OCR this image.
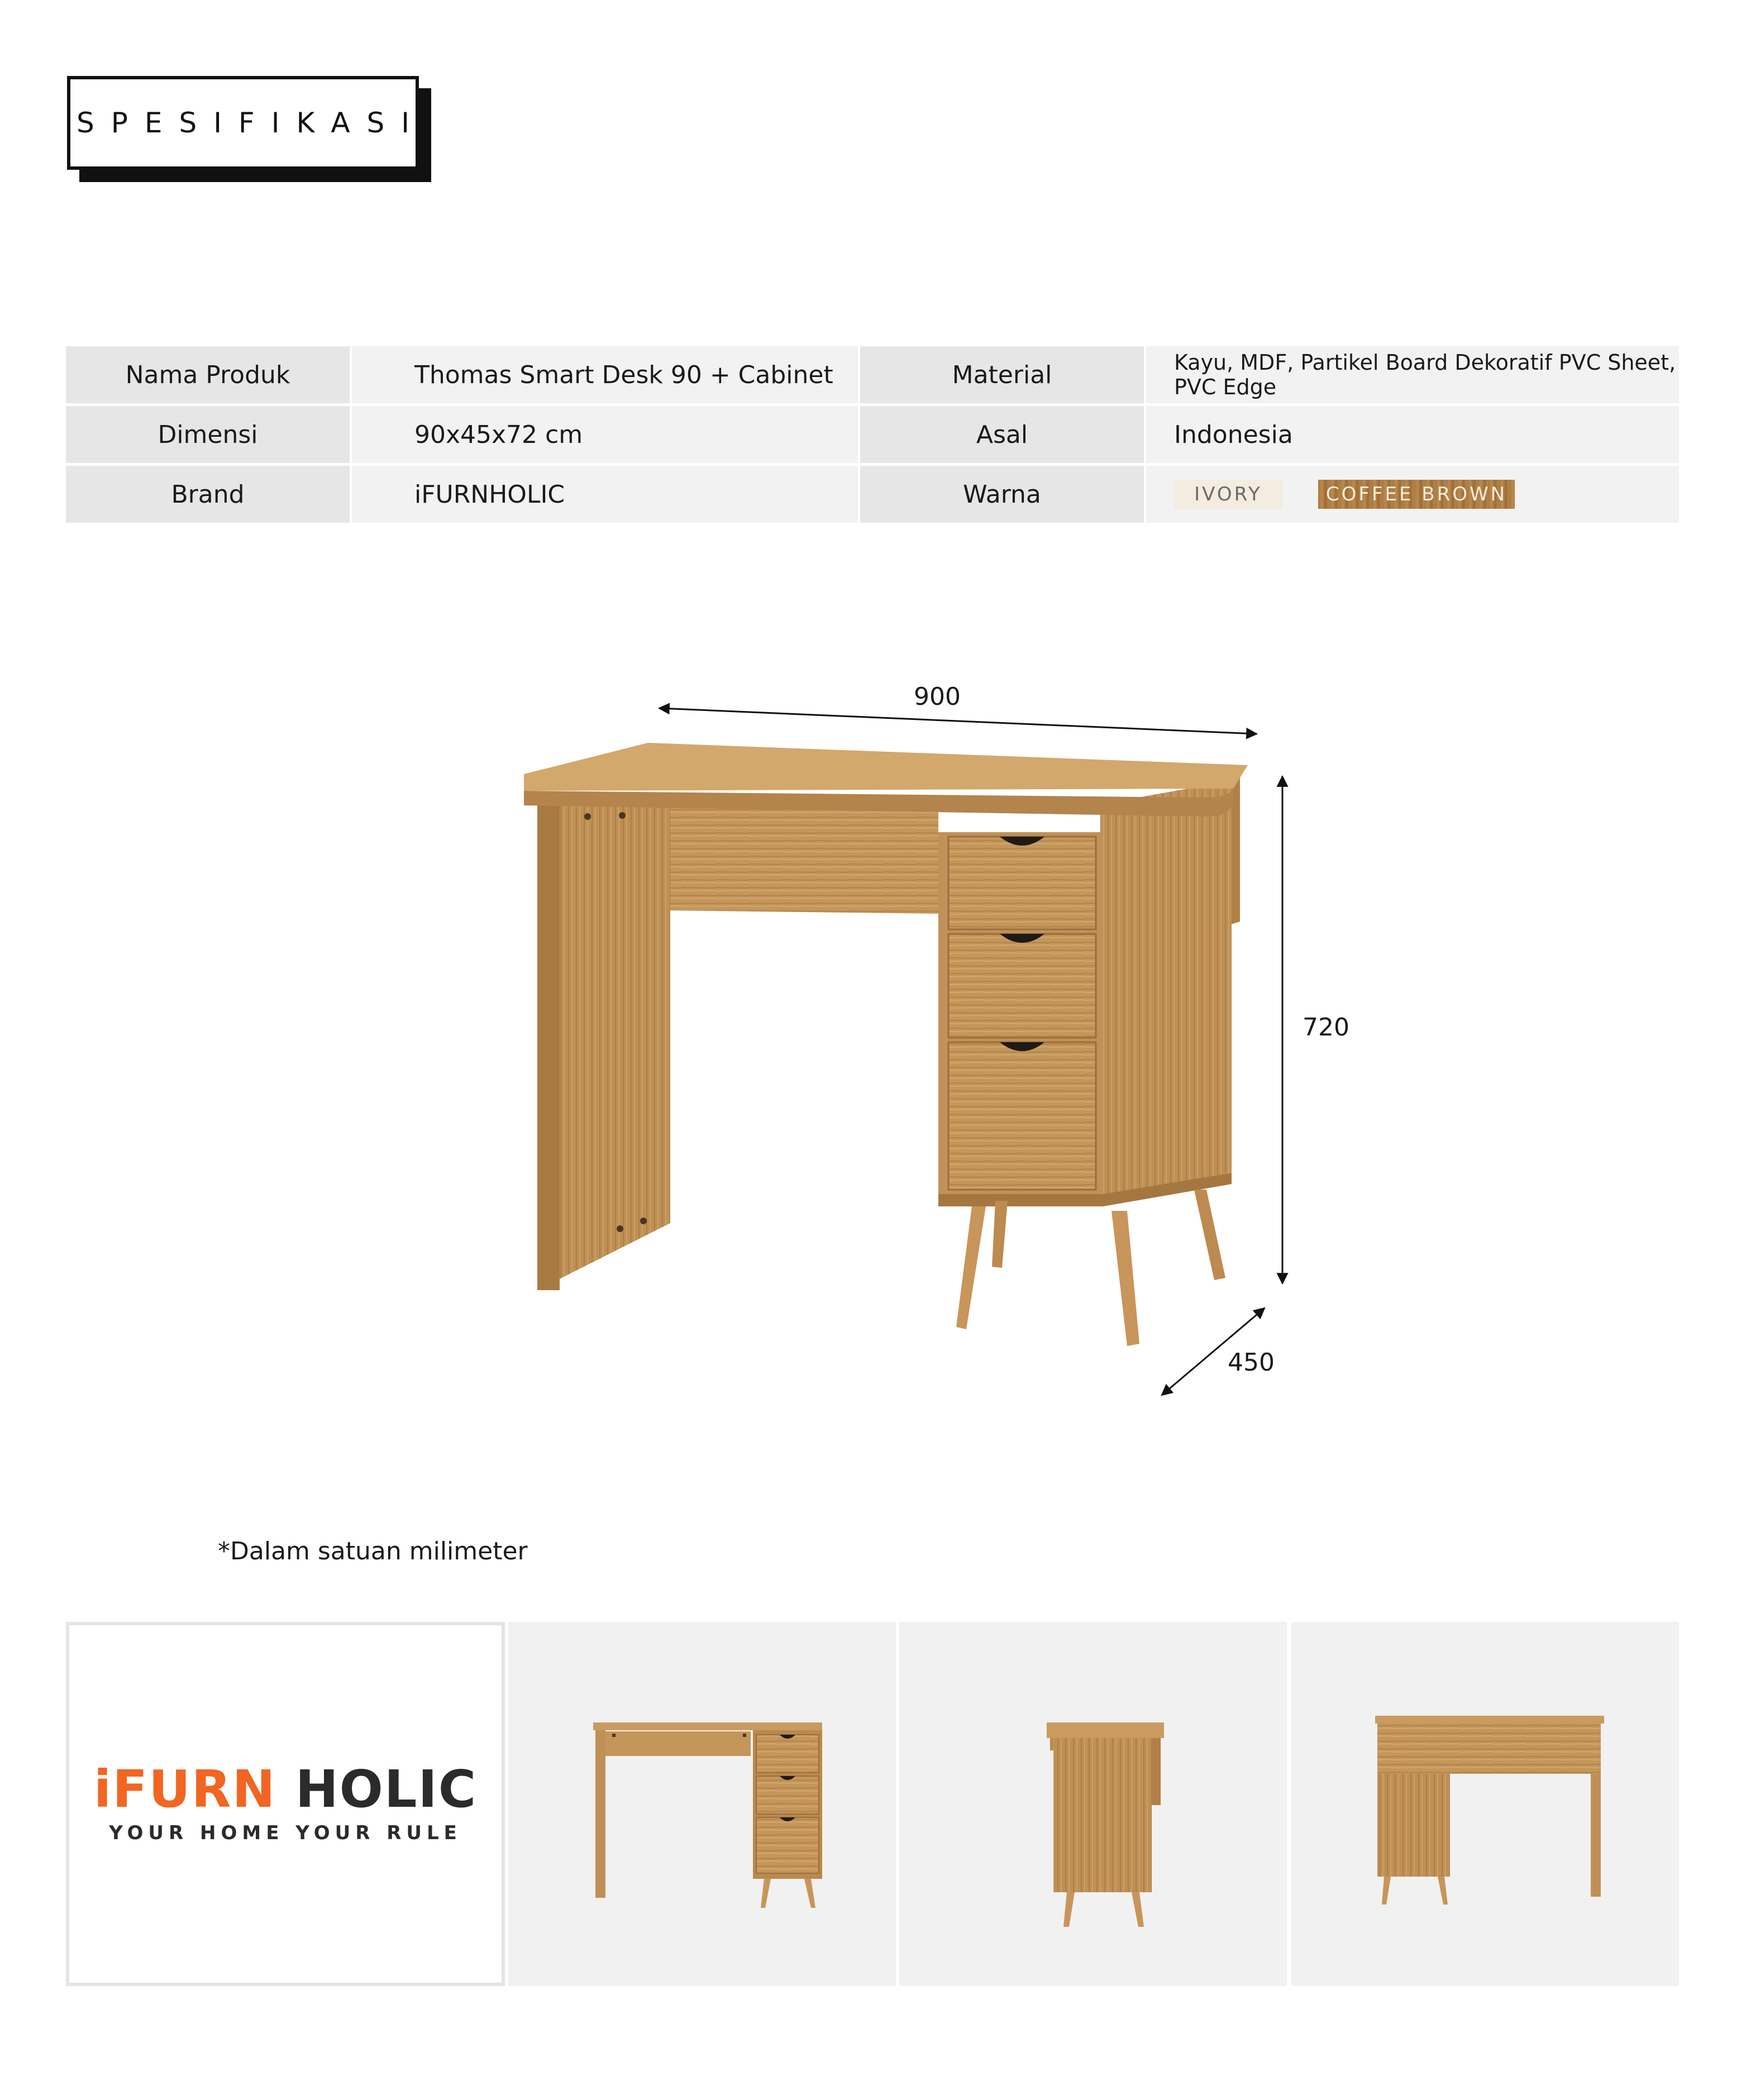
SPESIFIKASI
Nama Produk	Thomas Smart Desk 90 + Cabinet	Material	Kayu, MDF, Partikel Board Dekoratif PVC Sheet, PVC Edge
Dimensi	90x45x72 cm	Asal	Indonesia
Brand	iFURNHOLIC	Warna	IVORY	COFFEE BROWN
900
720
450
*Dalam satuan milimeter
iFURN HOLIC
YOUR HOME YOUR RULE
